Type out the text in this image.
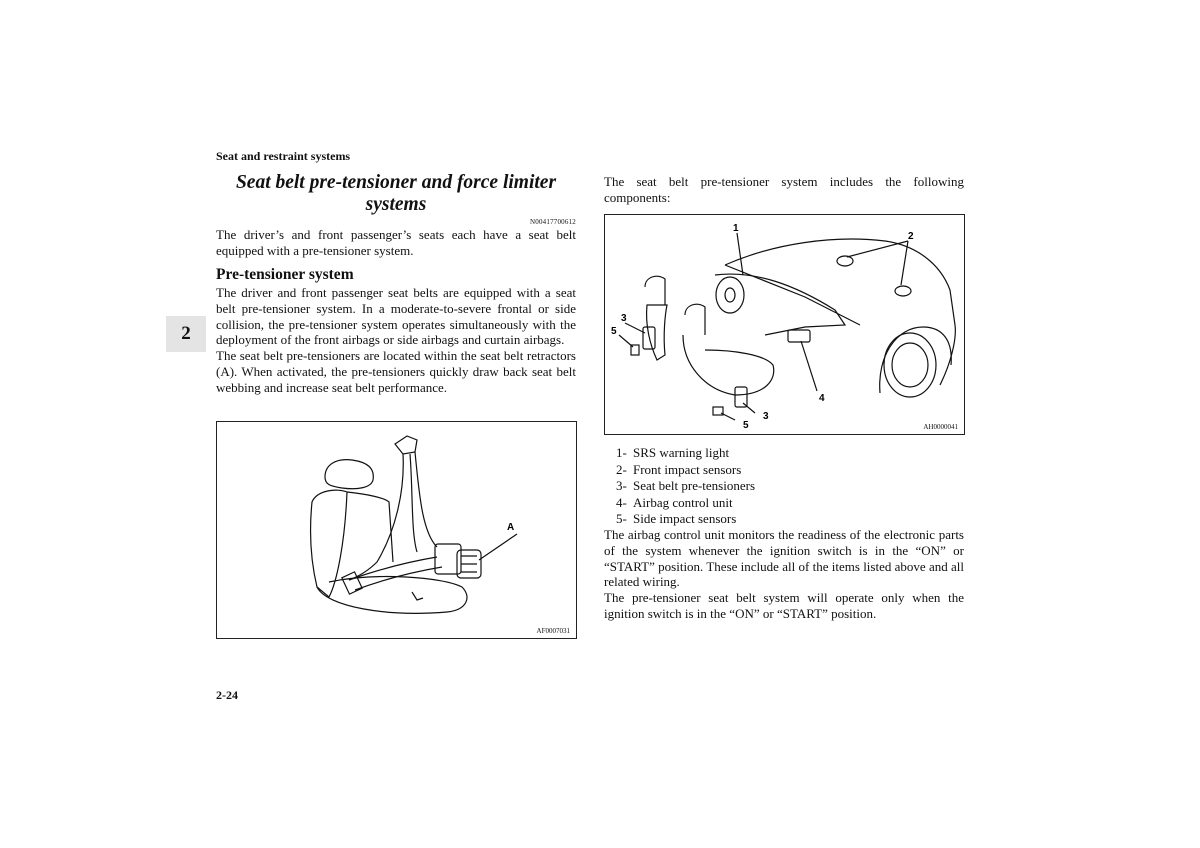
Seat and restraint systems
2
Seat belt pre-tensioner and force limiter systems
N00417700612
The driver’s and front passenger’s seats each have a seat belt equipped with a pre-tensioner system.
Pre-tensioner system

The driver and front passenger seat belts are equipped with a seat belt pre-tensioner system. In a moderate-to-severe frontal or side collision, the pre-tensioner system operates simultaneously with the deployment of the front airbags or side airbags and curtain airbags.

The seat belt pre-tensioners are located within the seat belt retractors (A). When activated, the pre-tensioners quickly draw back seat belt webbing and increase seat belt performance.

A
AF0007031
The seat belt pre-tensioner system includes the following components:
1
2
3
5
4
3
5	AH0000041
1- SRS warning light
2- Front impact sensors
3- Seat belt pre-tensioners
4- Airbag control unit
5- Side impact sensors

The airbag control unit monitors the readiness of the electronic parts of the system whenever the ignition switch is in the “ON” or “START” position. These include all of the items listed above and all related wiring.

The pre-tensioner seat belt system will operate only when the ignition switch is in the “ON” or “START” position.

2-24
